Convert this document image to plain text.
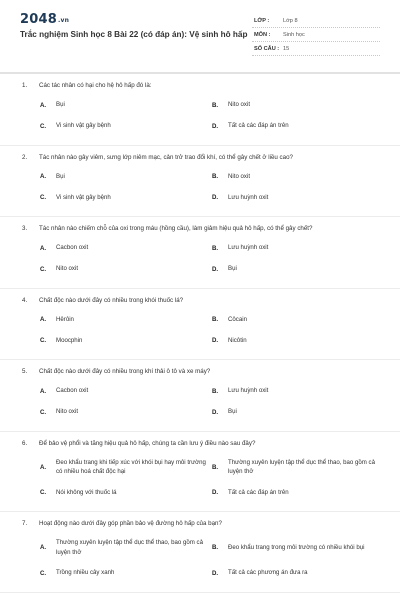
2048.vn
Trắc nghiệm Sinh học 8 Bài 22 (có đáp án): Vệ sinh hô hấp
LỚP : Lớp 8
MÔN : Sinh học
SỐ CÂU : 15
1. Các tác nhân có hại cho hệ hô hấp đó là:
A.	Bụi	B.	Nito oxit
C.	Vi sinh vật gây bệnh	D.	Tất cả các đáp án trên
2. Tác nhân nào gây viêm, sưng lớp niêm mạc, cản trở trao đổi khí, có thể gây chết ở liều cao?
A.	Bụi	B.	Nito oxit
C.	Vi sinh vật gây bệnh	D.	Lưu huỳnh oxit
3. Tác nhân nào chiếm chỗ của oxi trong máu (hồng cầu), làm giảm hiệu quả hô hấp, có thể gây chết?
A.	Cacbon oxit	B.	Lưu huỳnh oxit
C.	Nito oxit	D.	Bụi
4. Chất độc nào dưới đây có nhiều trong khói thuốc lá?
A.	Hêrôin	B.	Côcain
C.	Moocphin	D.	Nicôtin
5. Chất độc nào dưới đây có nhiều trong khí thải ô tô và xe máy?
A.	Cacbon oxit	B.	Lưu huỳnh oxit
C.	Nito oxit	D.	Bụi
6. Để bảo vệ phổi và tăng hiệu quả hô hấp, chúng ta cần lưu ý điều nào sau đây?
A.
Đeo khẩu trang khi tiếp xúc với khói bụi hay môi trường có nhiều hoá chất độc hại
B.
Thường xuyên luyện tập thể dục thể thao, bao gồm cả luyện thở
C.	Nói không với thuốc lá	D.	Tất cả các đáp án trên
7. Hoạt động nào dưới đây góp phần bảo vệ đường hô hấp của bạn?
A.
Thường xuyên luyện tập thể dục thể thao, bao gồm cả luyện thở
B.	Đeo khẩu trang trong môi trường có nhiều khói bụi
C.	Trồng nhiều cây xanh	D.	Tất cả các phương án đưa ra
